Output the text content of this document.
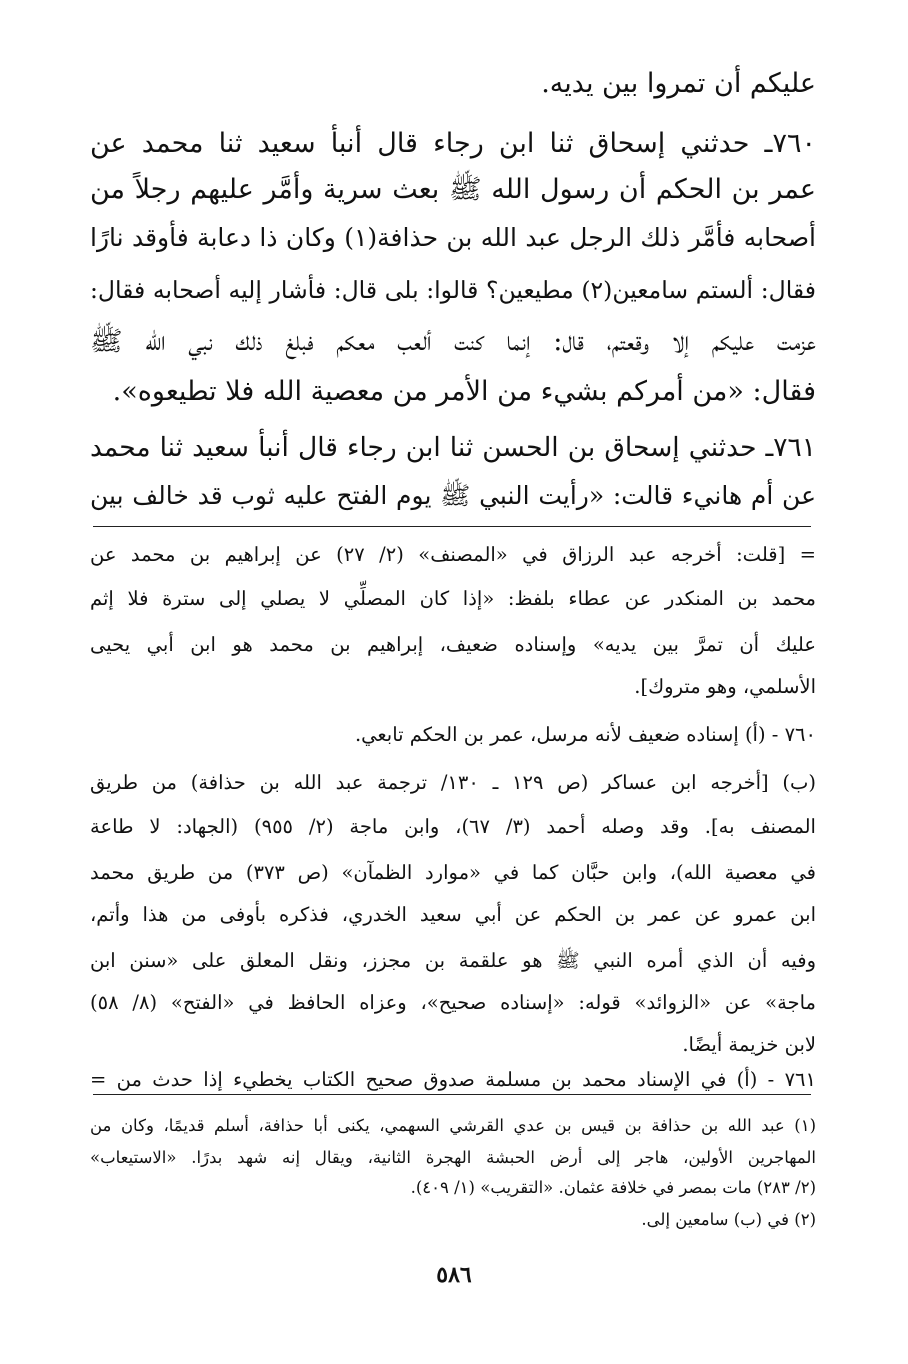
عليكم أن تمروا بين يديه.
٧٦٠ـ حدثني إسحاق ثنا ابن رجاء قال أنبأ سعيد ثنا محمد عن
عمر بن الحكم أن رسول الله ﷺ بعث سرية وأمَّر عليهم رجلاً من
أصحابه فأمَّر ذلك الرجل عبد الله بن حذافة(١) وكان ذا دعابة فأوقد نارًا
فقال: ألستم سامعين(٢) مطيعين؟ قالوا: بلى قال: فأشار إليه أصحابه فقال:
عزمت عليكم إلا وقعتم، قال: إنما كنت ألعب معكم فبلغ ذلك نبي الله ﷺ
فقال: «من أمركم بشيء من الأمر من معصية الله فلا تطيعوه».
٧٦١ـ حدثني إسحاق بن الحسن ثنا ابن رجاء قال أنبأ سعيد ثنا محمد
عن أم هانيء قالت: «رأيت النبي ﷺ يوم الفتح عليه ثوب قد خالف بين
= [قلت: أخرجه عبد الرزاق في «المصنف» (٢/ ٢٧) عن إبراهيم بن محمد عن
محمد بن المنكدر عن عطاء بلفظ: «إذا كان المصلِّي لا يصلي إلى سترة فلا إثم
عليك أن تمرَّ بين يديه» وإسناده ضعيف، إبراهيم بن محمد هو ابن أبي يحيى
الأسلمي، وهو متروك].
٧٦٠ - (أ) إسناده ضعيف لأنه مرسل، عمر بن الحكم تابعي.
(ب) [أخرجه ابن عساكر (ص ١٢٩ ـ ١٣٠/ ترجمة عبد الله بن حذافة) من طريق
المصنف به]. وقد وصله أحمد (٣/ ٦٧)، وابن ماجة (٢/ ٩٥٥) (الجهاد: لا طاعة
في معصية الله)، وابن حبَّان كما في «موارد الظمآن» (ص ٣٧٣) من طريق محمد
ابن عمرو عن عمر بن الحكم عن أبي سعيد الخدري، فذكره بأوفى من هذا وأتم،
وفيه أن الذي أمره النبي ﷺ هو علقمة بن مجزز، ونقل المعلق على «سنن ابن
ماجة» عن «الزوائد» قوله: «إسناده صحيح»، وعزاه الحافظ في «الفتح» (٨/ ٥٨)
لابن خزيمة أيضًا.
٧٦١ - (أ) في الإسناد محمد بن مسلمة صدوق صحيح الكتاب يخطيء إذا حدث من =
(١) عبد الله بن حذافة بن قيس بن عدي القرشي السهمي، يكنى أبا حذافة، أسلم قديمًا، وكان من
المهاجرين الأولين، هاجر إلى أرض الحبشة الهجرة الثانية، ويقال إنه شهد بدرًا. «الاستيعاب»
(٢/ ٢٨٣) مات بمصر في خلافة عثمان. «التقريب» (١/ ٤٠٩).
(٢) في (ب) سامعين إلى.
٥٨٦
